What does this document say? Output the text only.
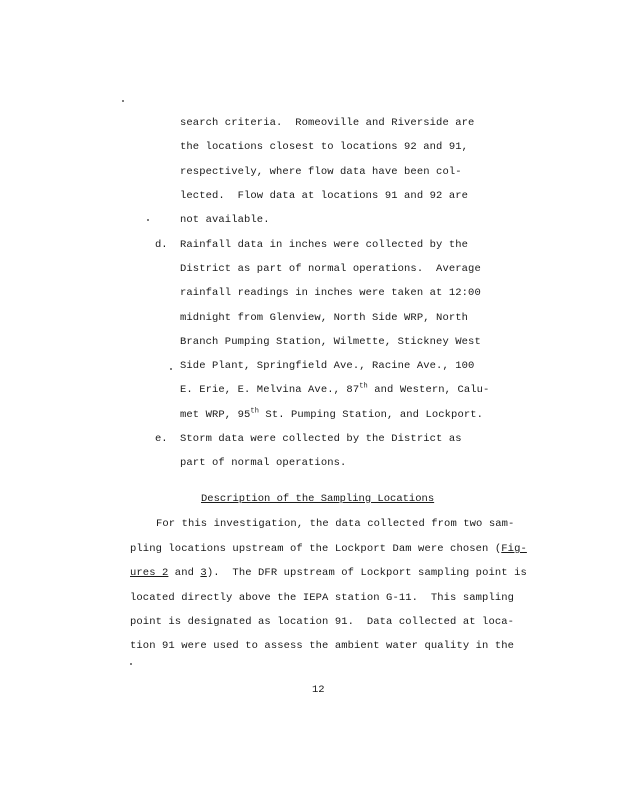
search criteria.  Romeoville and Riverside are
the locations closest to locations 92 and 91,
respectively, where flow data have been col-
lected.  Flow data at locations 91 and 92 are
not available.
d. Rainfall data in inches were collected by the
District as part of normal operations.  Average
rainfall readings in inches were taken at 12:00
midnight from Glenview, North Side WRP, North
Branch Pumping Station, Wilmette, Stickney West
Side Plant, Springfield Ave., Racine Ave., 100
E. Erie, E. Melvina Ave., 87th and Western, Calu-
met WRP, 95th St. Pumping Station, and Lockport.
e. Storm data were collected by the District as
part of normal operations.
Description of the Sampling Locations
For this investigation, the data collected from two sam-
pling locations upstream of the Lockport Dam were chosen (Fig-
ures 2 and 3).  The DFR upstream of Lockport sampling point is
located directly above the IEPA station G-11.  This sampling
point is designated as location 91.  Data collected at loca-
tion 91 were used to assess the ambient water quality in the
12
